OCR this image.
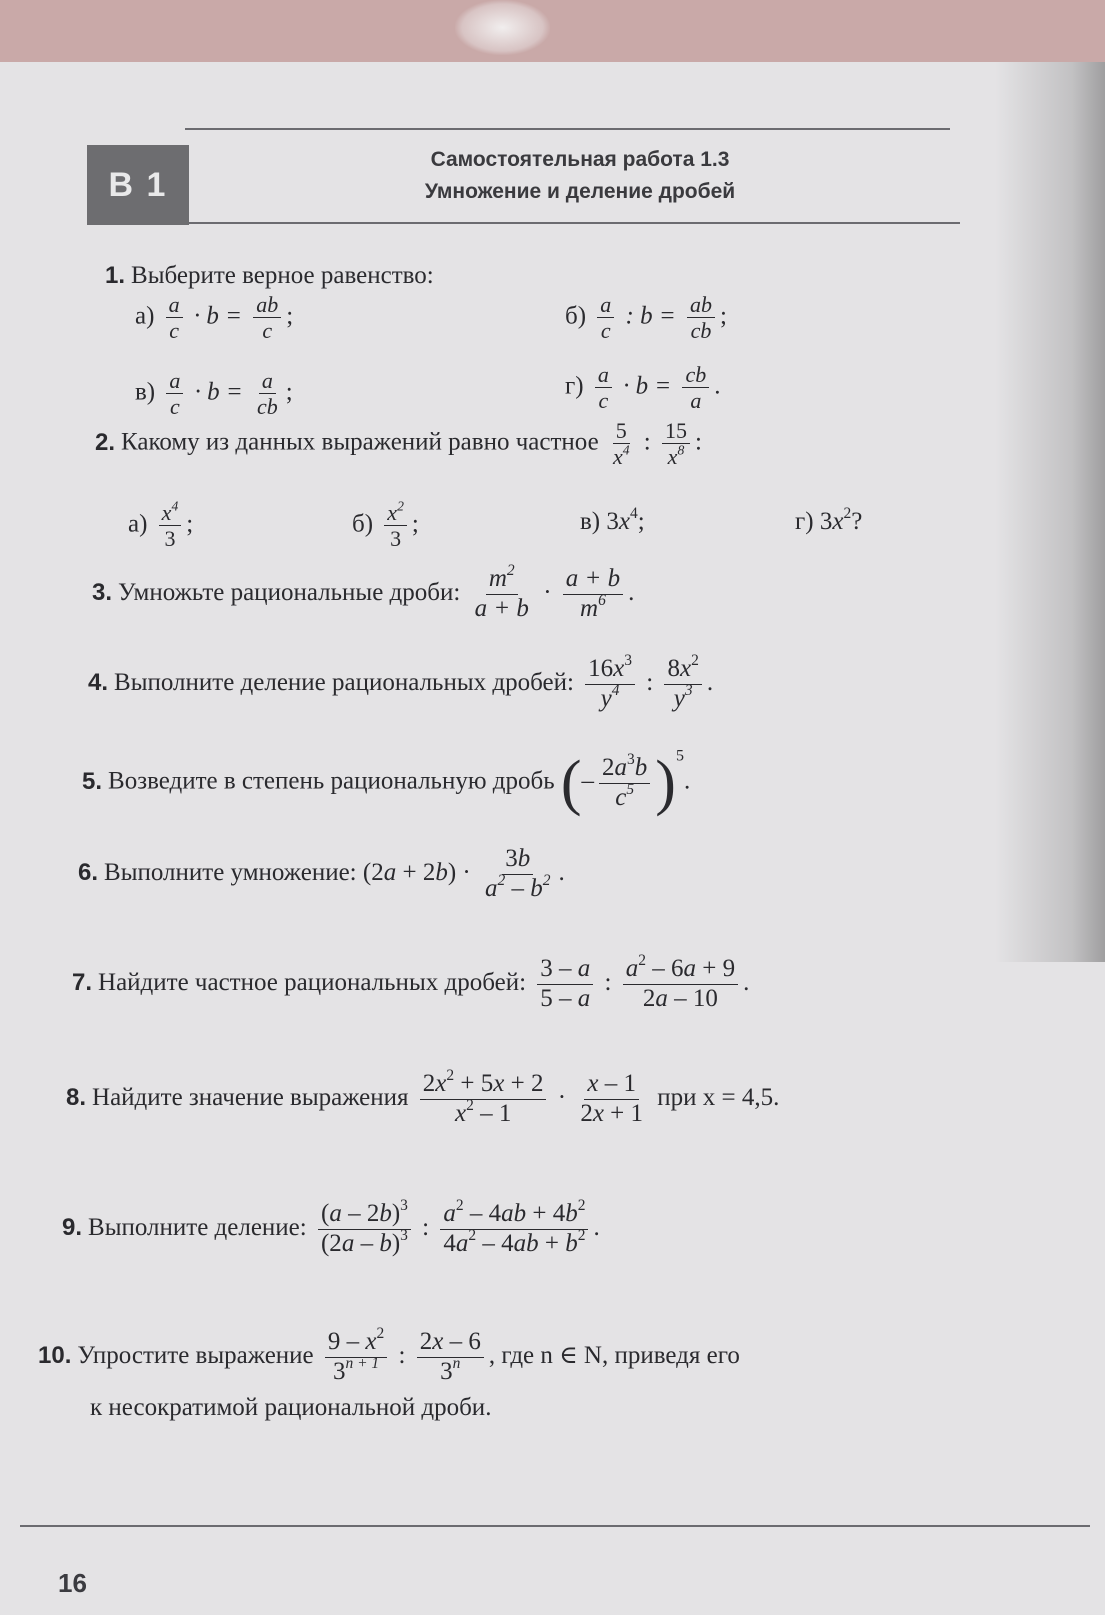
В 1
Самостоятельная работа 1.3
Умножение и деление дробей
1. Выберите верное равенство:
$а) \frac{a}{c} \cdot b = \frac{ab}{c}$ ;	$б) \frac{a}{c}$ : $b = \frac{ab}{cb}$ ;
$в) \frac{a}{c} \cdot b = \frac{a}{cb}$ ;	$г) \frac{a}{c} \cdot b = \frac{cb}{a}$ .
2. Какому из данных выражений равно частное $\frac{5}{x^4}$ : $\frac{15}{x^8}$ :
$а) \frac{x^4}{3}$ ;	$б) \frac{x^2}{3}$ ;	в) $3x^4$;	г) $3x^2$?
3. Умножьте рациональные дроби: $\frac{m^2}{a + b} \cdot \frac{a + b}{m^6}$ .
4. Выполните деление рациональных дробей: $\frac{16x^3}{y^4}$ : $\frac{8x^2}{y^3}$ .
5. Возведите в степень рациональную дробь (– $\frac{2a^3b}{c^5} )^5$.
6. Выполните умножение: $(2a + 2b) \cdot \frac{3b}{a^2 - b^2}$ .
7. Найдите частное рациональных дробей: $\frac{3 - a}{5 - a}$ : $\frac{a^2 - 6a + 9}{2a - 10}$ .
8. Найдите значение выражения $\frac{2x^2 + 5x + 2}{x^2 - 1} \cdot \frac{x - 1}{2x + 1}$ при x = 4,5.
9. Выполните деление: $\frac{(a - 2b)^3}{(2a - b)^3}$ : $\frac{a^2 - 4ab + 4b^2}{4a^2 - 4ab + b^2}$ .
10. Упростите выражение $\frac{9 - x^2}{3^{n + 1}}$ : $\frac{2x - 6}{3^n}$ , где n ∈ N, приведя его
к несократимой рациональной дроби.
16
